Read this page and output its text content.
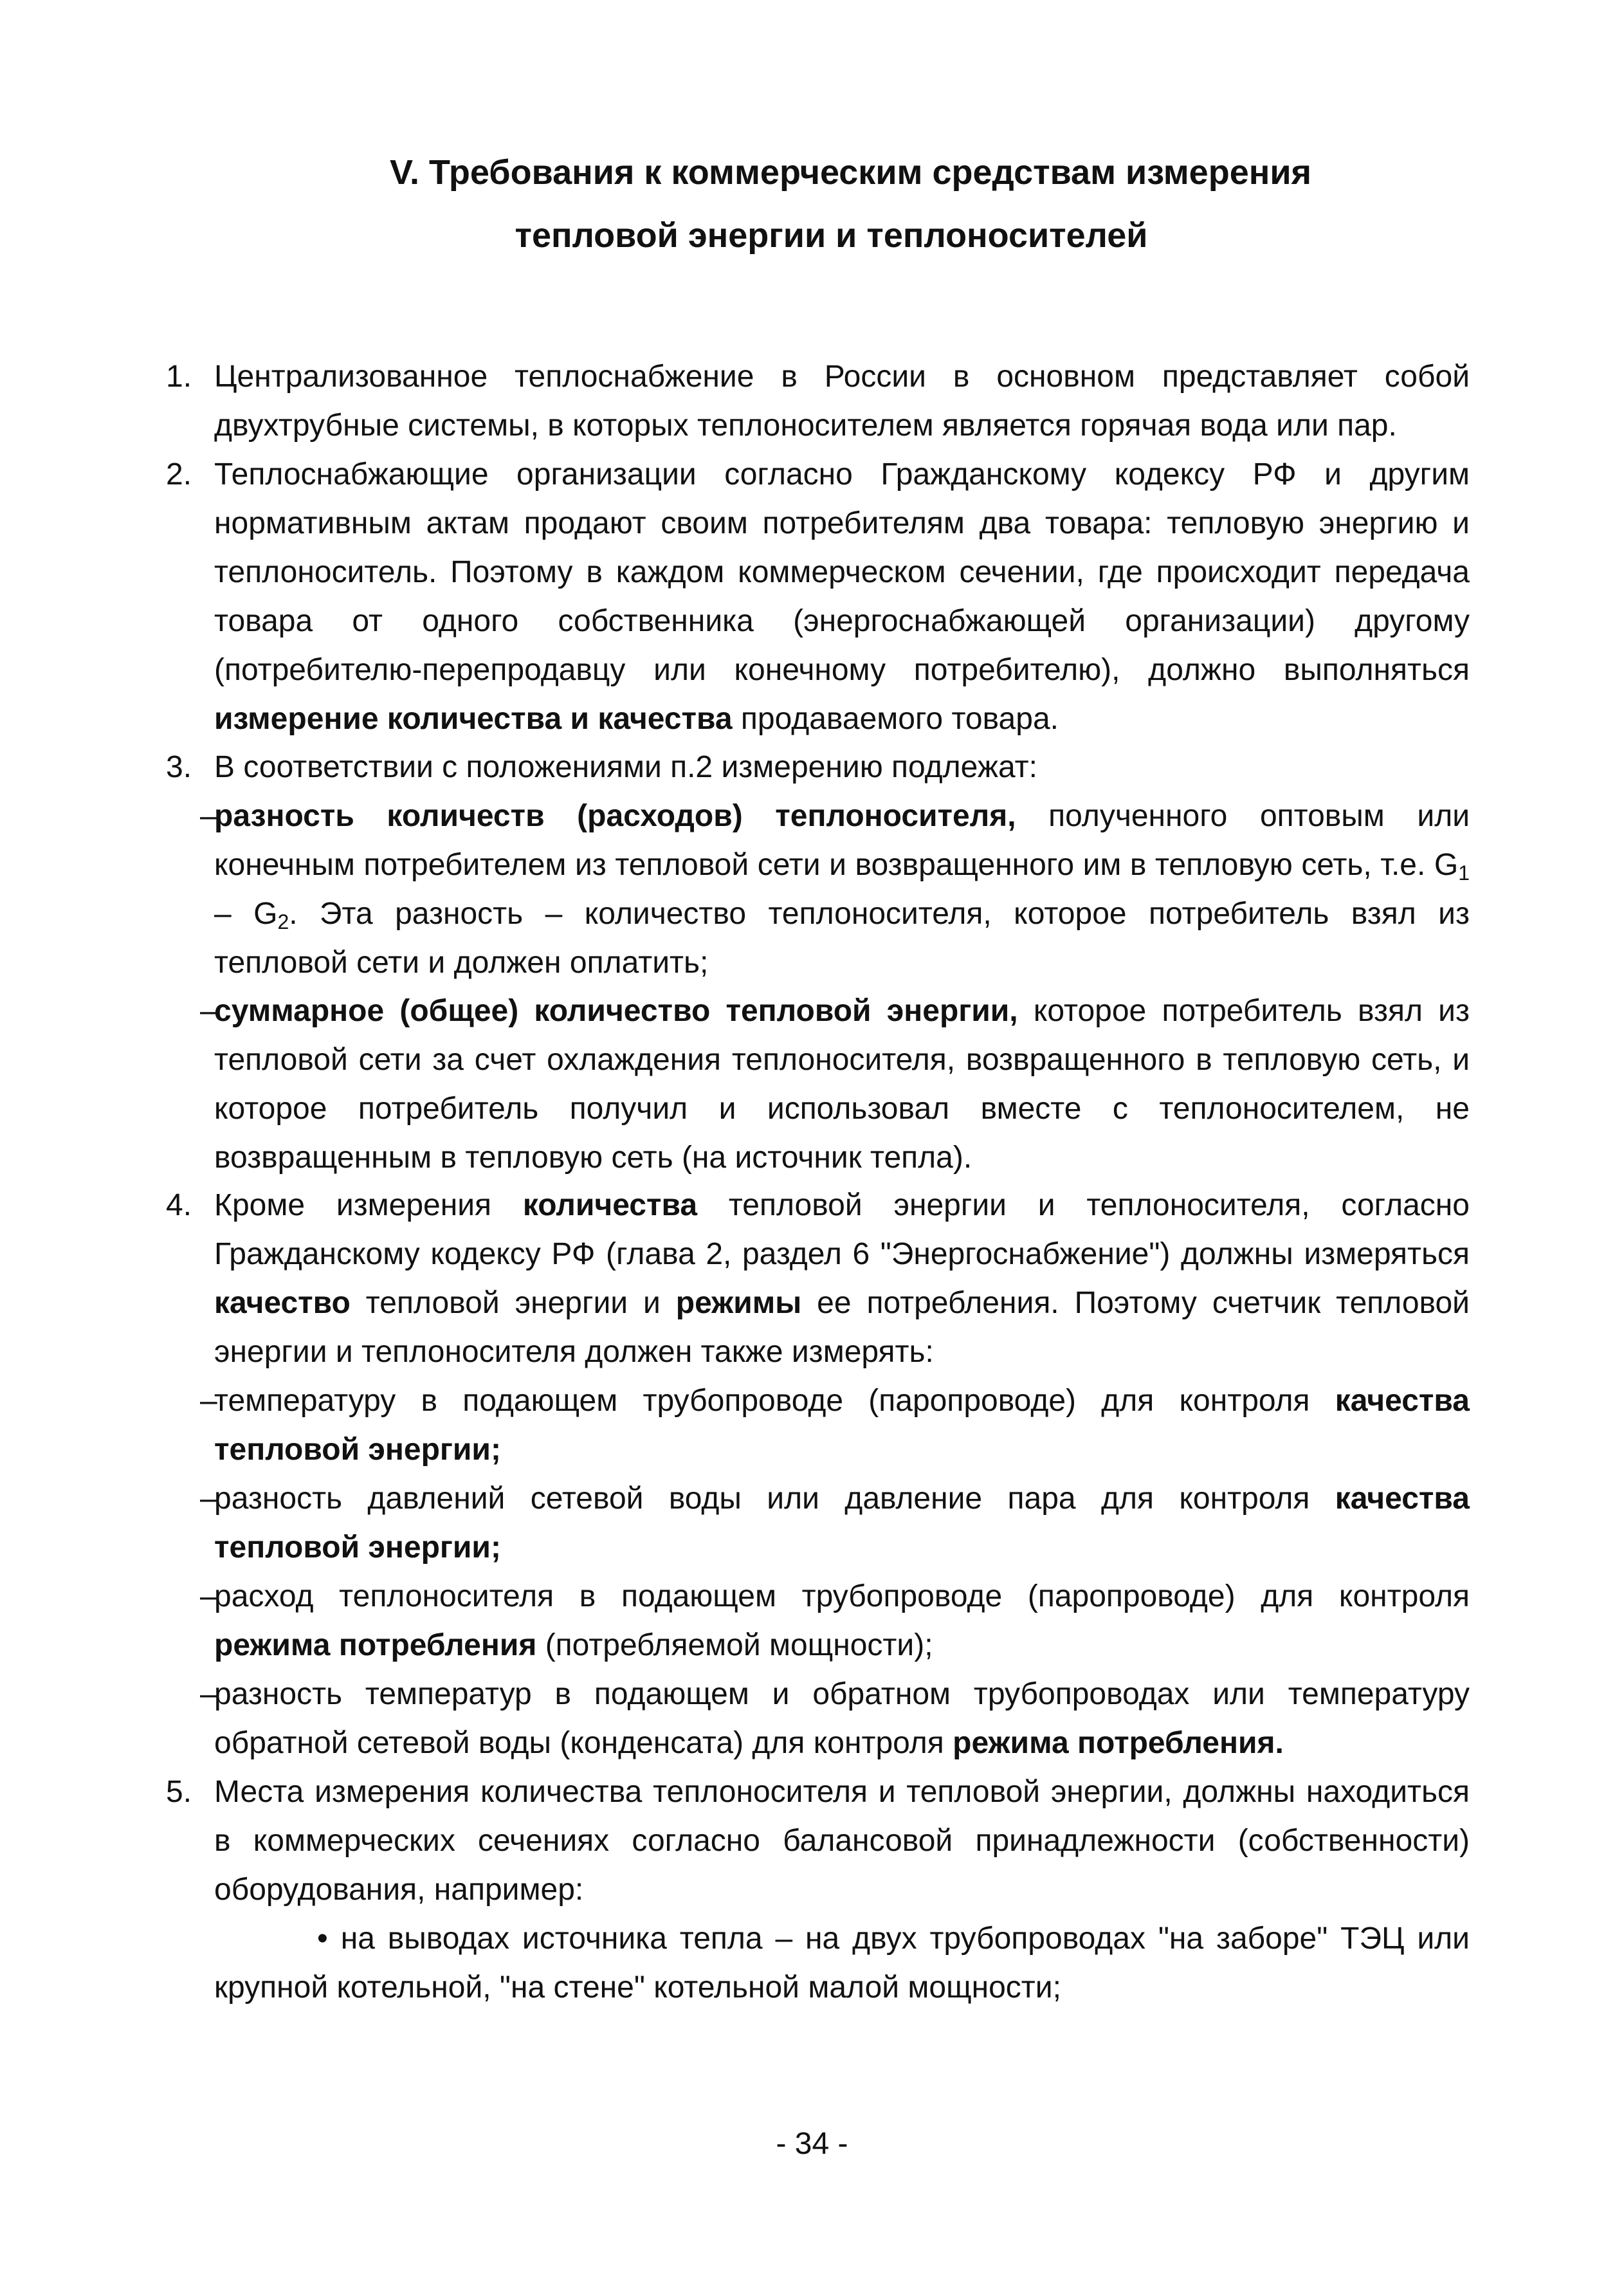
V. Требования к коммерческим средствам измерения
тепловой энергии и теплоносителей
1. Централизованное теплоснабжение в России в основном представляет собой двухтрубные системы, в которых теплоносителем является горячая вода или пар.
2. Теплоснабжающие организации согласно Гражданскому кодексу РФ и другим нормативным актам продают своим потребителям два товара: тепловую энергию и теплоноситель. Поэтому в каждом коммерческом сечении, где происходит передача товара от одного собственника (энергоснабжающей организации) другому (потребителю-перепродавцу или конечному потребителю), должно выполняться измерение количества и качества продаваемого товара.
3. В соответствии с положениями п.2 измерению подлежат:
–
разность количеств (расходов) теплоносителя, полученного оптовым или конечным потребителем из тепловой сети и возвращенного им в тепловую сеть, т.е. $G_1 - G_2$. Эта разность – количество теплоносителя, которое потребитель взял из тепловой сети и должен оплатить;
–
суммарное (общее) количество тепловой энергии, которое потребитель взял из тепловой сети за счет охлаждения теплоносителя, возвращенного в тепловую сеть, и которое потребитель получил и использовал вместе с теплоносителем, не возвращенным в тепловую сеть (на источник тепла).
4. Кроме измерения количества тепловой энергии и теплоносителя, согласно Гражданскому кодексу РФ (глава 2, раздел 6 "Энергоснабжение") должны измеряться качество тепловой энергии и режимы ее потребления. Поэтому счетчик тепловой энергии и теплоносителя должен также измерять:
–
температуру в подающем трубопроводе (паропроводе) для контроля качества тепловой энергии;
–
разность давлений сетевой воды или давление пара для контроля качества тепловой энергии;
–
расход теплоносителя в подающем трубопроводе (паропроводе) для контроля режима потребления (потребляемой мощности);
–
разность температур в подающем и обратном трубопроводах или температуру обратной сетевой воды (конденсата) для контроля режима потребления.
5. Места измерения количества теплоносителя и тепловой энергии, должны находиться в коммерческих сечениях согласно балансовой принадлежности (собственности) оборудования, например:
• на выводах источника тепла – на двух трубопроводах "на заборе" ТЭЦ или крупной котельной, "на стене" котельной малой мощности;
- 34 -
